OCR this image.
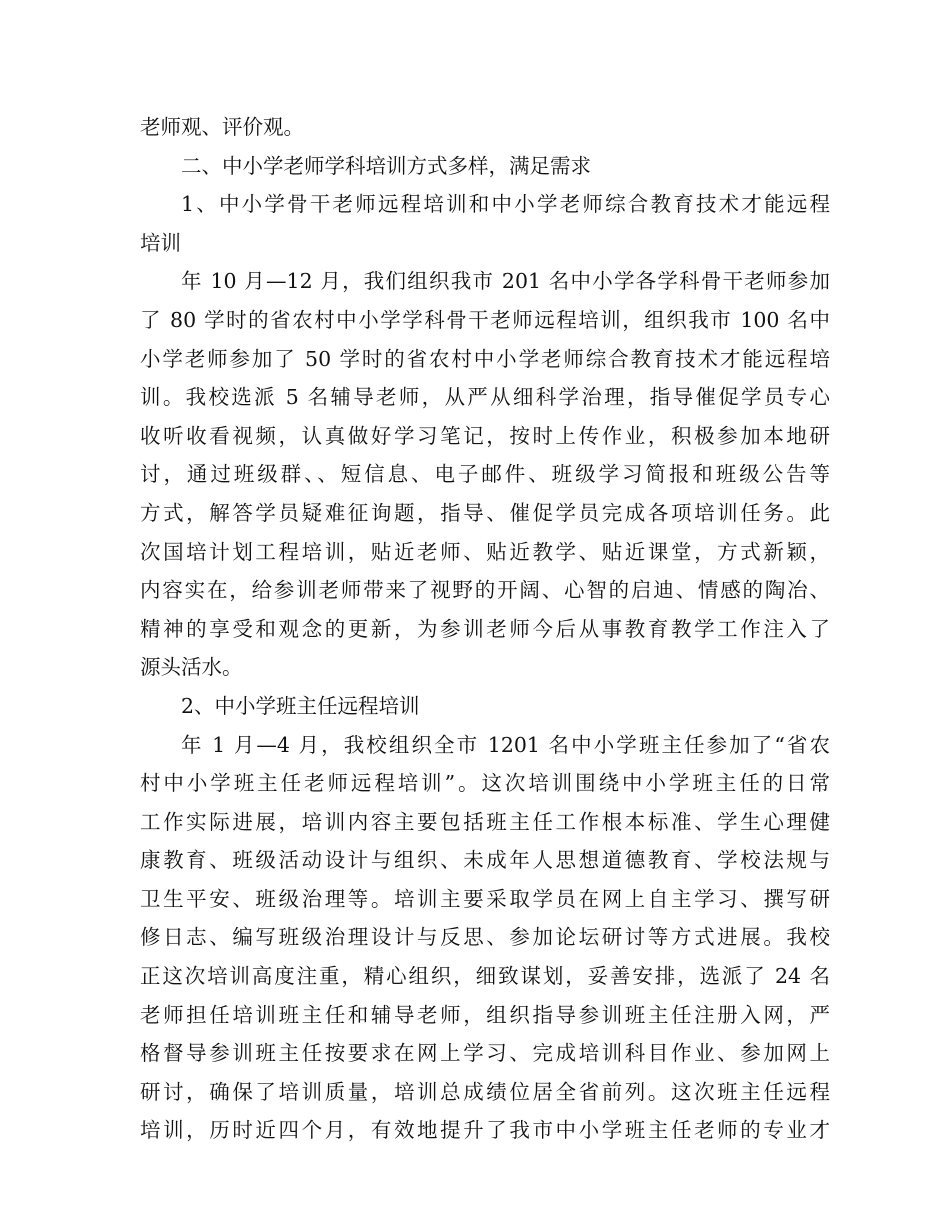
老师观、评价观。
二、中小学老师学科培训方式多样，满足需求
1、中小学骨干老师远程培训和中小学老师综合教育技术才能远程
培训
年 10 月—12 月，我们组织我市 201 名中小学各学科骨干老师参加
了 80 学时的省农村中小学学科骨干老师远程培训，组织我市 100 名中
小学老师参加了 50 学时的省农村中小学老师综合教育技术才能远程培
训。我校选派 5 名辅导老师，从严从细科学治理，指导催促学员专心
收听收看视频，认真做好学习笔记，按时上传作业，积极参加本地研
讨，通过班级群、、短信息、电子邮件、班级学习简报和班级公告等
方式，解答学员疑难征询题，指导、催促学员完成各项培训任务。此
次国培计划工程培训，贴近老师、贴近教学、贴近课堂，方式新颖，
内容实在，给参训老师带来了视野的开阔、心智的启迪、情感的陶冶、
精神的享受和观念的更新，为参训老师今后从事教育教学工作注入了
源头活水。
2、中小学班主任远程培训
年 1 月—4 月，我校组织全市 1201 名中小学班主任参加了“省农
村中小学班主任老师远程培训”。这次培训围绕中小学班主任的日常
工作实际进展，培训内容主要包括班主任工作根本标准、学生心理健
康教育、班级活动设计与组织、未成年人思想道德教育、学校法规与
卫生平安、班级治理等。培训主要采取学员在网上自主学习、撰写研
修日志、编写班级治理设计与反思、参加论坛研讨等方式进展。我校
正这次培训高度注重，精心组织，细致谋划，妥善安排，选派了 24 名
老师担任培训班主任和辅导老师，组织指导参训班主任注册入网，严
格督导参训班主任按要求在网上学习、完成培训科目作业、参加网上
研讨，确保了培训质量，培训总成绩位居全省前列。这次班主任远程
培训，历时近四个月，有效地提升了我市中小学班主任老师的专业才
